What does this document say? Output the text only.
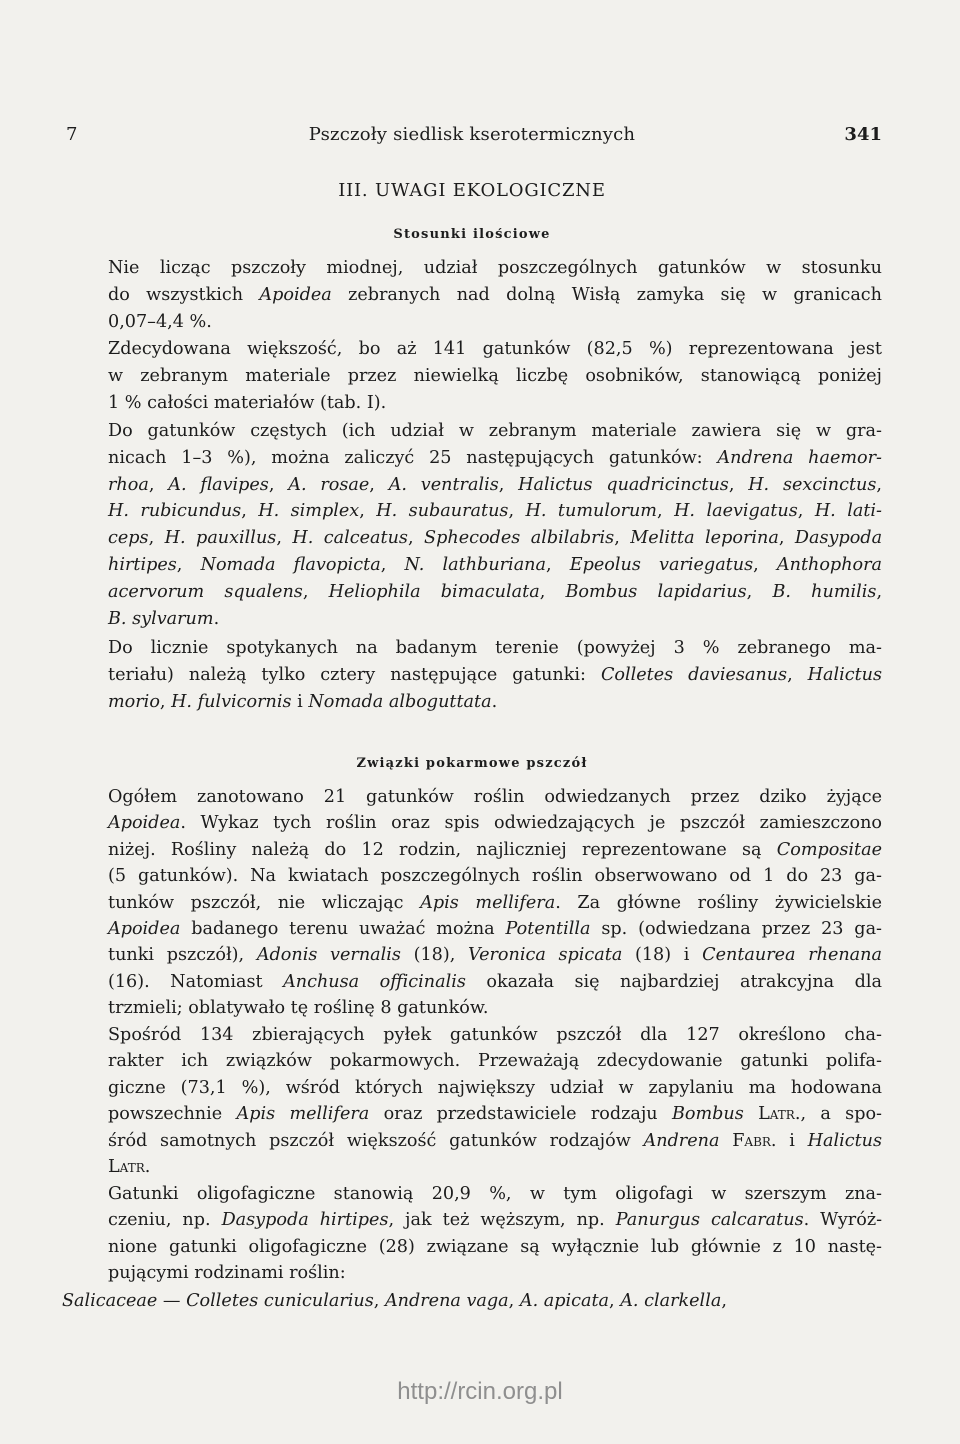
7	Pszczoły siedlisk kserotermicznych	341
III. UWAGI EKOLOGICZNE
Stosunki ilościowe
Nie licząc pszczoły miodnej, udział poszczególnych gatunków w stosunku
do wszystkich Apoidea zebranych nad dolną Wisłą zamyka się w granicach
0,07–4,4 %.
Zdecydowana większość, bo aż 141 gatunków (82,5 %) reprezentowana jest
w zebranym materiale przez niewielką liczbę osobników, stanowiącą poniżej
1 % całości materiałów (tab. I).
Do gatunków częstych (ich udział w zebranym materiale zawiera się w gra-
nicach 1–3 %), można zaliczyć 25 następujących gatunków: Andrena haemor-
rhoa, A. flavipes, A. rosae, A. ventralis, Halictus quadricinctus, H. sexcinctus,
H. rubicundus, H. simplex, H. subauratus, H. tumulorum, H. laevigatus, H. lati-
ceps, H. pauxillus, H. calceatus, Sphecodes albilabris, Melitta leporina, Dasypoda
hirtipes, Nomada flavopicta, N. lathburiana, Epeolus variegatus, Anthophora
acervorum squalens, Heliophila bimaculata, Bombus lapidarius, B. humilis,
B. sylvarum.
Do licznie spotykanych na badanym terenie (powyżej 3 % zebranego ma-
teriału) należą tylko cztery następujące gatunki: Colletes daviesanus, Halictus
morio, H. fulvicornis i Nomada alboguttata.
Związki pokarmowe pszczół
Ogółem zanotowano 21 gatunków roślin odwiedzanych przez dziko żyjące
Apoidea. Wykaz tych roślin oraz spis odwiedzających je pszczół zamieszczono
niżej. Rośliny należą do 12 rodzin, najliczniej reprezentowane są Compositae
(5 gatunków). Na kwiatach poszczególnych roślin obserwowano od 1 do 23 ga-
tunków pszczół, nie wliczając Apis mellifera. Za główne rośliny żywicielskie
Apoidea badanego terenu uważać można Potentilla sp. (odwiedzana przez 23 ga-
tunki pszczół), Adonis vernalis (18), Veronica spicata (18) i Centaurea rhenana
(16). Natomiast Anchusa officinalis okazała się najbardziej atrakcyjna dla
trzmieli; oblatywało tę roślinę 8 gatunków.
Spośród 134 zbierających pyłek gatunków pszczół dla 127 określono cha-
rakter ich związków pokarmowych. Przeważają zdecydowanie gatunki polifa-
giczne (73,1 %), wśród których największy udział w zapylaniu ma hodowana
powszechnie Apis mellifera oraz przedstawiciele rodzaju Bombus Latr., a spo-
śród samotnych pszczół większość gatunków rodzajów Andrena Fabr. i Halictus
Latr.
Gatunki oligofagiczne stanowią 20,9 %, w tym oligofagi w szerszym zna-
czeniu, np. Dasypoda hirtipes, jak też węższym, np. Panurgus calcaratus. Wyróż-
nione gatunki oligofagiczne (28) związane są wyłącznie lub głównie z 10 nastę-
pującymi rodzinami roślin:
Salicaceae — Colletes cunicularius, Andrena vaga, A. apicata, A. clarkella,
http://rcin.org.pl
